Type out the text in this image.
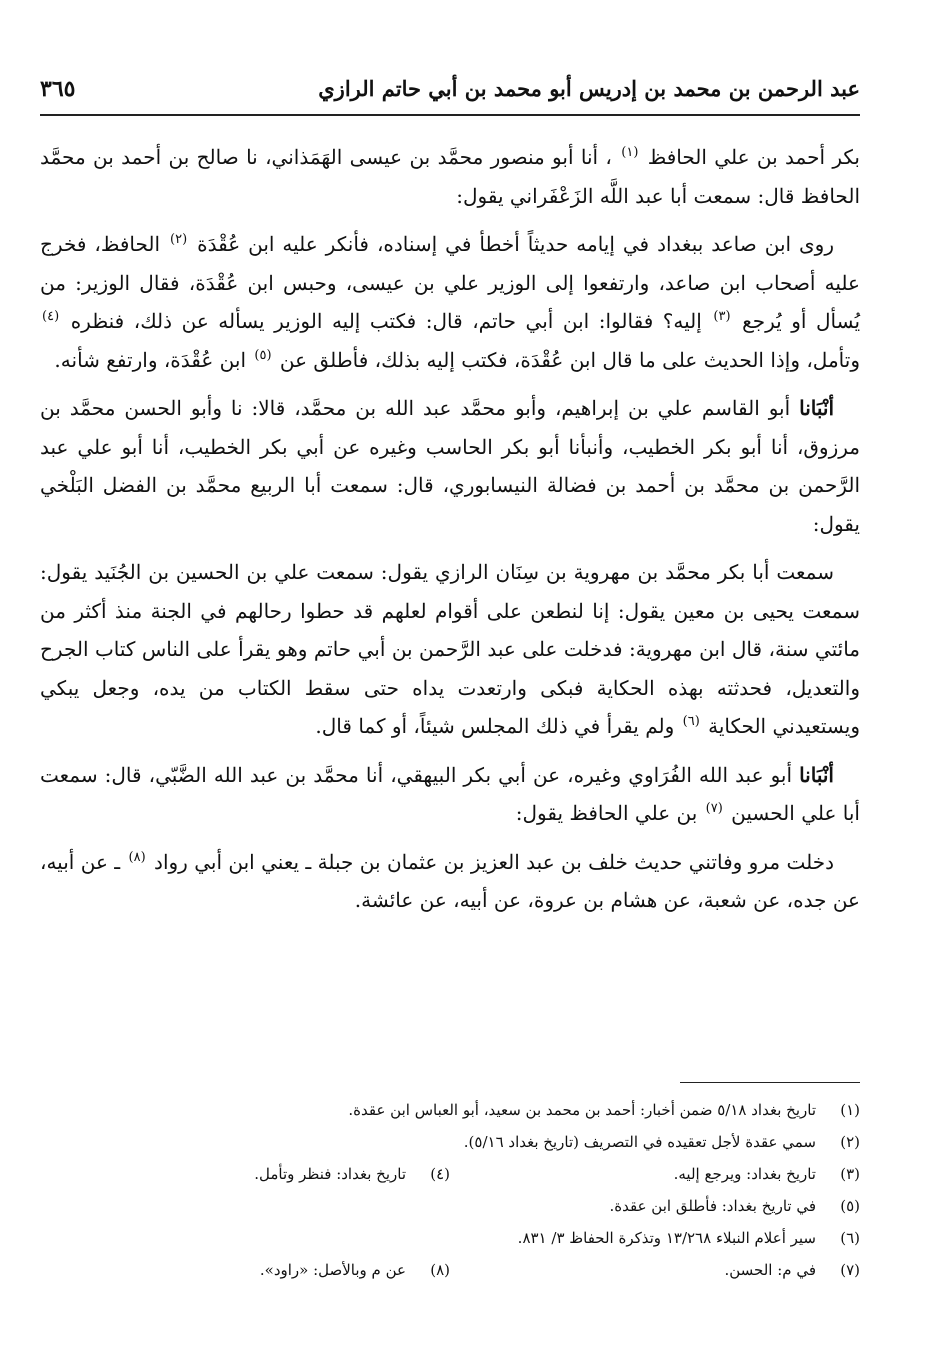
عبد الرحمن بن محمد بن إدريس أبو محمد بن أبي حاتم الرازي
٣٦٥

بكر أحمد بن علي الحافظ $^{(١)}$ ، أنا أبو منصور محمَّد بن عيسى الهَمَذاني، نا صالح بن أحمد بن محمَّد الحافظ قال: سمعت أبا عبد اللَّه الزَعْفَراني يقول:

روى ابن صاعد ببغداد في إيامه حديثاً أخطأ في إسناده، فأنكر عليه ابن عُقْدَة $^{(٢)}$ الحافظ، فخرج عليه أصحاب ابن صاعد، وارتفعوا إلى الوزير علي بن عيسى، وحبس ابن عُقْدَة، فقال الوزير: من يُسأل أو يُرجع $^{(٣)}$ إليه؟ فقالوا: ابن أبي حاتم، قال: فكتب إليه الوزير يسأله عن ذلك، فنظره $^{(٤)}$ وتأمل، وإذا الحديث على ما قال ابن عُقْدَة، فكتب إليه بذلك، فأطلق عن $^{(٥)}$ ابن عُقْدَة، وارتفع شأنه.

أنْبَانا أبو القاسم علي بن إبراهيم، وأبو محمَّد عبد الله بن محمَّد، قالا: نا وأبو الحسن محمَّد بن مرزوق، أنا أبو بكر الخطيب، وأنبأنا أبو بكر الحاسب وغيره عن أبي بكر الخطيب، أنا أبو علي عبد الرَّحمن بن محمَّد بن أحمد بن فضالة النيسابوري، قال: سمعت أبا الربيع محمَّد بن الفضل البَلْخي يقول:

سمعت أبا بكر محمَّد بن مهروية بن سِنَان الرازي يقول: سمعت علي بن الحسين بن الجُنَيد يقول: سمعت يحيى بن معين يقول: إنا لنطعن على أقوام لعلهم قد حطوا رحالهم في الجنة منذ أكثر من مائتي سنة، قال ابن مهروية: فدخلت على عبد الرَّحمن بن أبي حاتم وهو يقرأ على الناس كتاب الجرح والتعديل، فحدثته بهذه الحكاية فبكى وارتعدت يداه حتى سقط الكتاب من يده، وجعل يبكي ويستعيدني الحكاية $^{(٦)}$ ولم يقرأ في ذلك المجلس شيئاً، أو كما قال.

أنْبَانا أبو عبد الله الفُرَاوي وغيره، عن أبي بكر البيهقي، أنا محمَّد بن عبد الله الضَّبّي، قال: سمعت أبا علي الحسين $^{(٧)}$ بن علي الحافظ يقول:

دخلت مرو وفاتني حديث خلف بن عبد العزيز بن عثمان بن جبلة ـ يعني ابن أبي رواد $^{(٨)}$ ـ عن أبيه، عن جده، عن شعبة، عن هشام بن عروة، عن أبيه، عن عائشة.

(١)تاريخ بغداد ٥/١٨ ضمن أخبار: أحمد بن محمد بن سعيد، أبو العباس ابن عقدة.
(٢)سمي عقدة لأجل تعقيده في التصريف (تاريخ بغداد ٥/١٦).
(٣)تاريخ بغداد: ويرجع إليه.
(٤)تاريخ بغداد: فنظر وتأمل.
(٥)في تاريخ بغداد: فأطلق ابن عقدة.
(٦)سير أعلام النبلاء ١٣/٢٦٨ وتذكرة الحفاظ ٣/ ٨٣١.
(٧)في م: الحسن.
(٨)عن م وبالأصل: «راود».
